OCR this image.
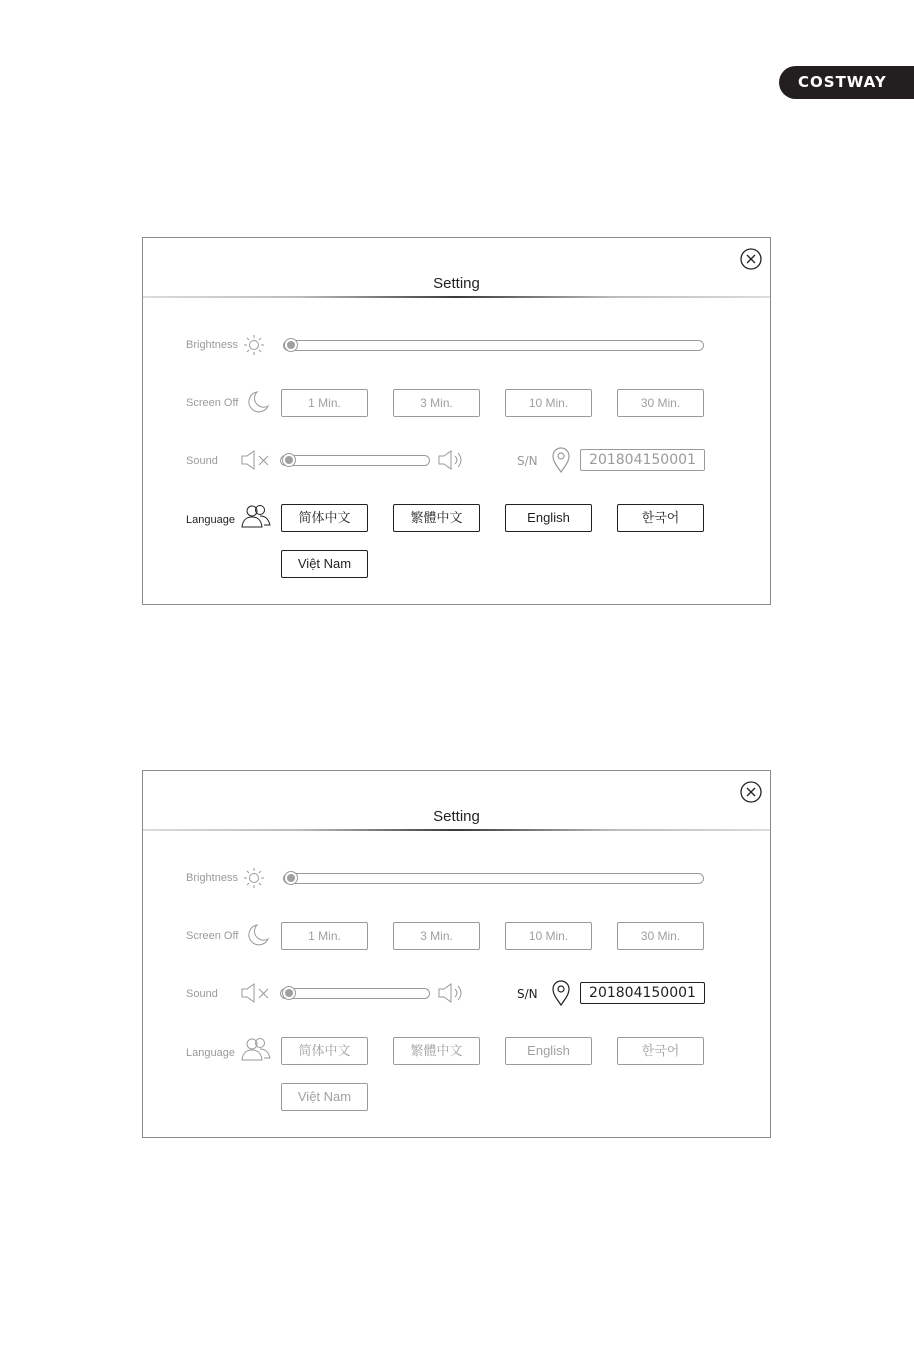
COSTWAY
Setting
Brightness
Screen Off	1 Min.	3 Min.	10 Min.	30 Min.
Sound	S/N	201804150001
Language	简体中文	繁體中文	English	한국어
Việt Nam
Setting
Brightness
Screen Off	1 Min.	3 Min.	10 Min.	30 Min.
Sound	S/N	201804150001
Language	简体中文	繁體中文	English	한국어
Việt Nam
